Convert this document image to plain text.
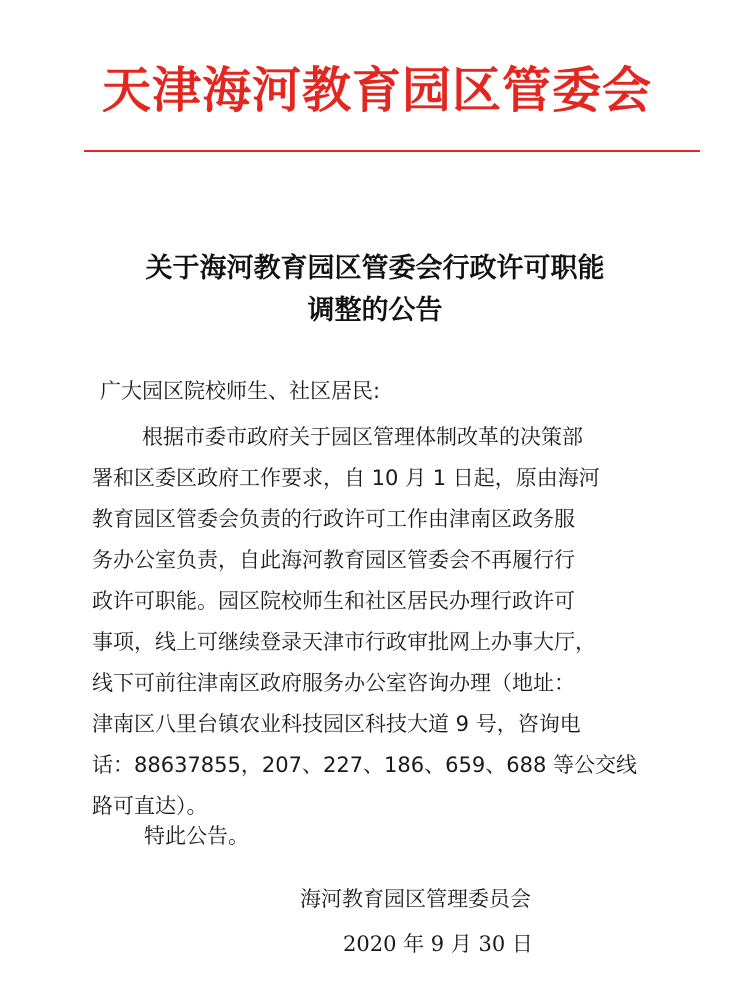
天津海河教育园区管委会
关于海河教育园区管委会行政许可职能
调整的公告
广大园区院校师生、社区居民:
根据市委市政府关于园区管理体制改革的决策部
署和区委区政府工作要求，自 10 月 1 日起，原由海河
教育园区管委会负责的行政许可工作由津南区政务服
务办公室负责，自此海河教育园区管委会不再履行行
政许可职能。园区院校师生和社区居民办理行政许可
事项，线上可继续登录天津市行政审批网上办事大厅，
线下可前往津南区政府服务办公室咨询办理（地址：
津南区八里台镇农业科技园区科技大道 9 号，咨询电
话：88637855，207、227、186、659、688 等公交线
路可直达）。
特此公告。
海河教育园区管理委员会
2020 年 9 月 30 日
